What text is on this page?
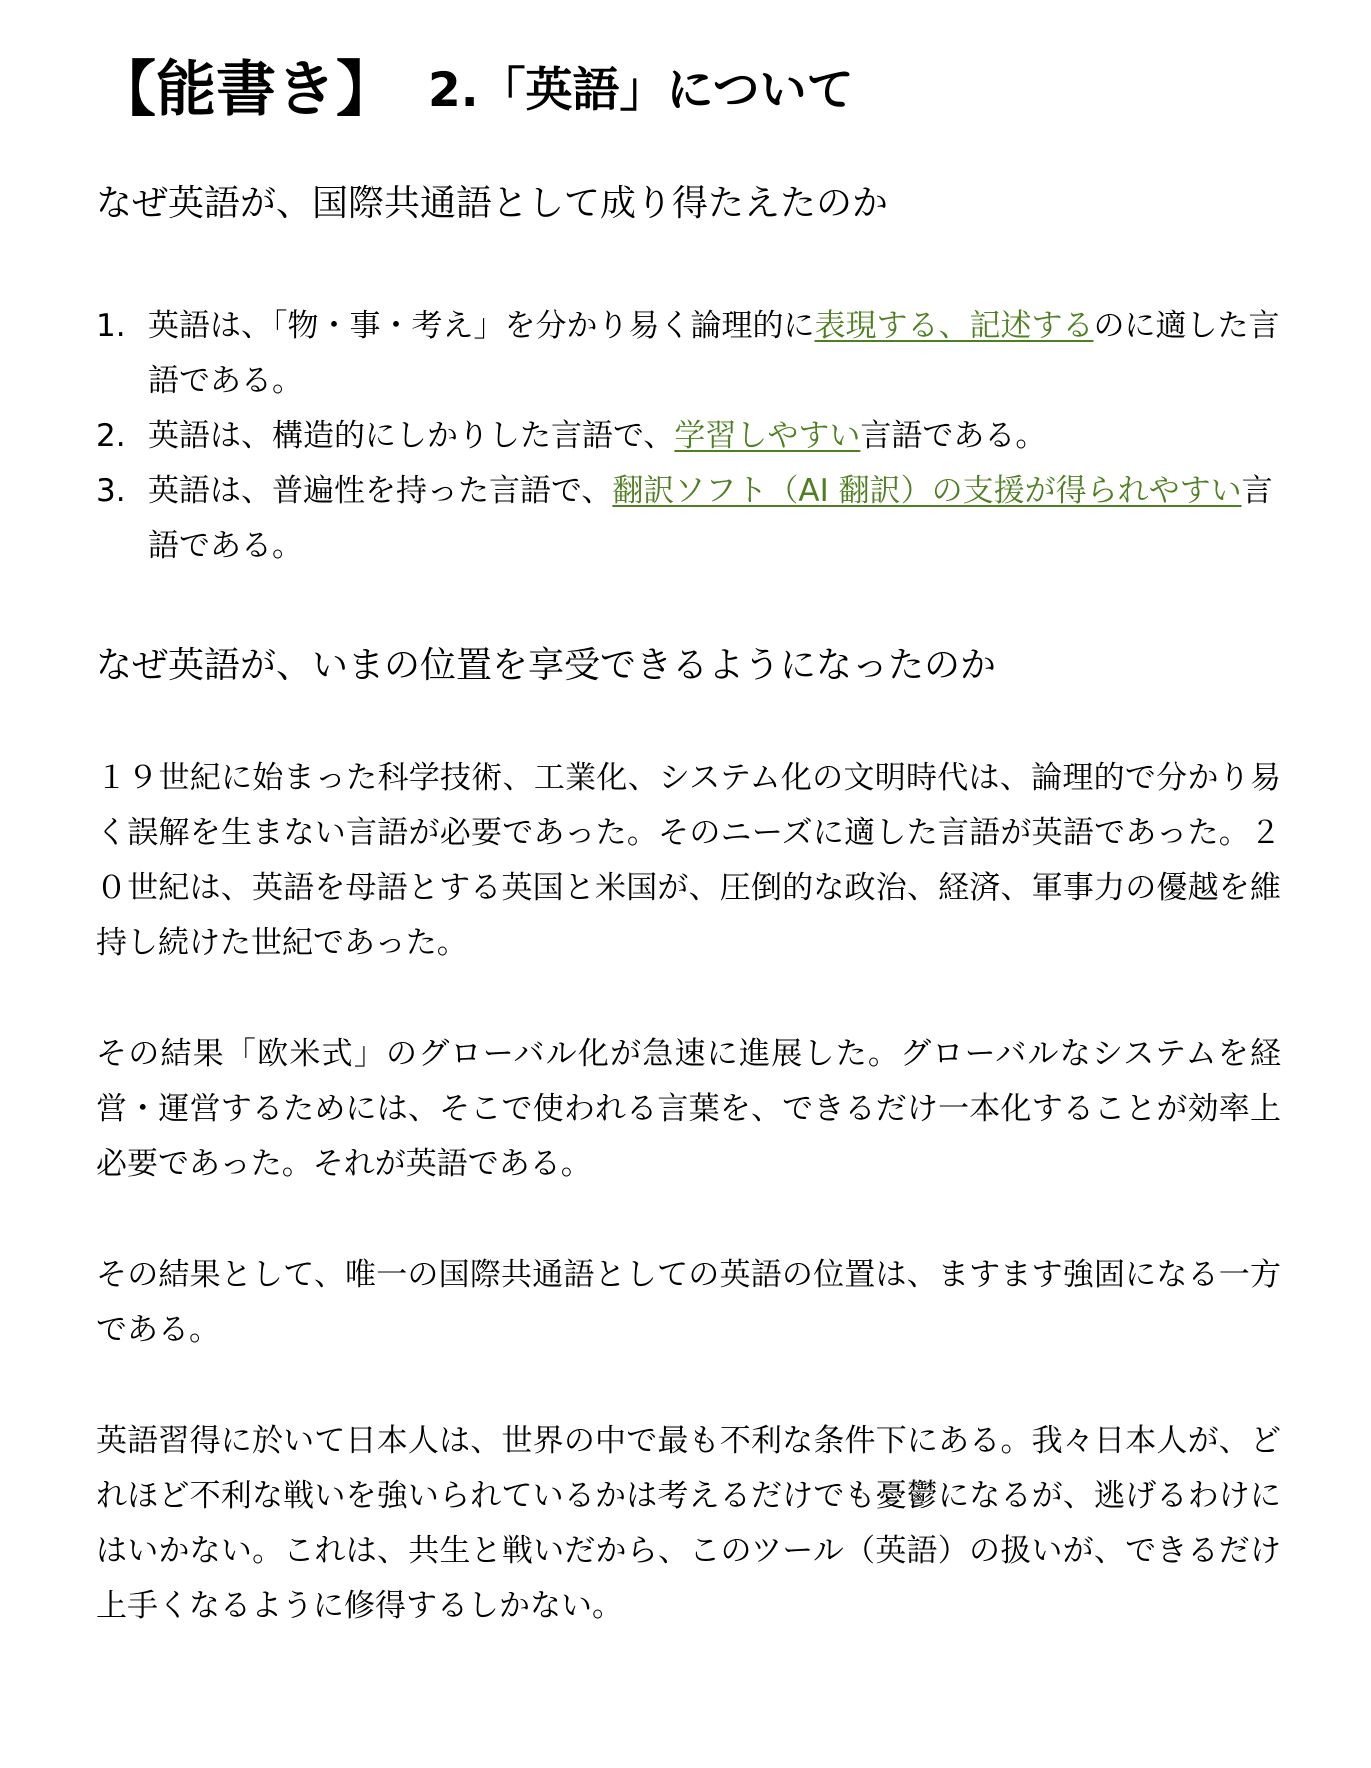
【能書き】 2.「英語」について
なぜ英語が、国際共通語として成り得たえたのか
1. 英語は、「物・事・考え」を分かり易く論理的に表現する、記述するのに適した言語である。
2. 英語は、構造的にしかりした言語で、学習しやすい言語である。
3. 英語は、普遍性を持った言語で、翻訳ソフト（AI 翻訳）の支援が得られやすい言語である。
なぜ英語が、いまの位置を享受できるようになったのか

１９世紀に始まった科学技術、工業化、システム化の文明時代は、論理的で分かり易く誤解を生まない言語が必要であった。そのニーズに適した言語が英語であった。２０世紀は、英語を母語とする英国と米国が、圧倒的な政治、経済、軍事力の優越を維持し続けた世紀であった。

その結果「欧米式」のグローバル化が急速に進展した。グローバルなシステムを経営・運営するためには、そこで使われる言葉を、できるだけ一本化することが効率上必要であった。それが英語である。

その結果として、唯一の国際共通語としての英語の位置は、ますます強固になる一方である。

英語習得に於いて日本人は、世界の中で最も不利な条件下にある。我々日本人が、どれほど不利な戦いを強いられているかは考えるだけでも憂鬱になるが、逃げるわけにはいかない。これは、共生と戦いだから、このツール（英語）の扱いが、できるだけ上手くなるように修得するしかない。
